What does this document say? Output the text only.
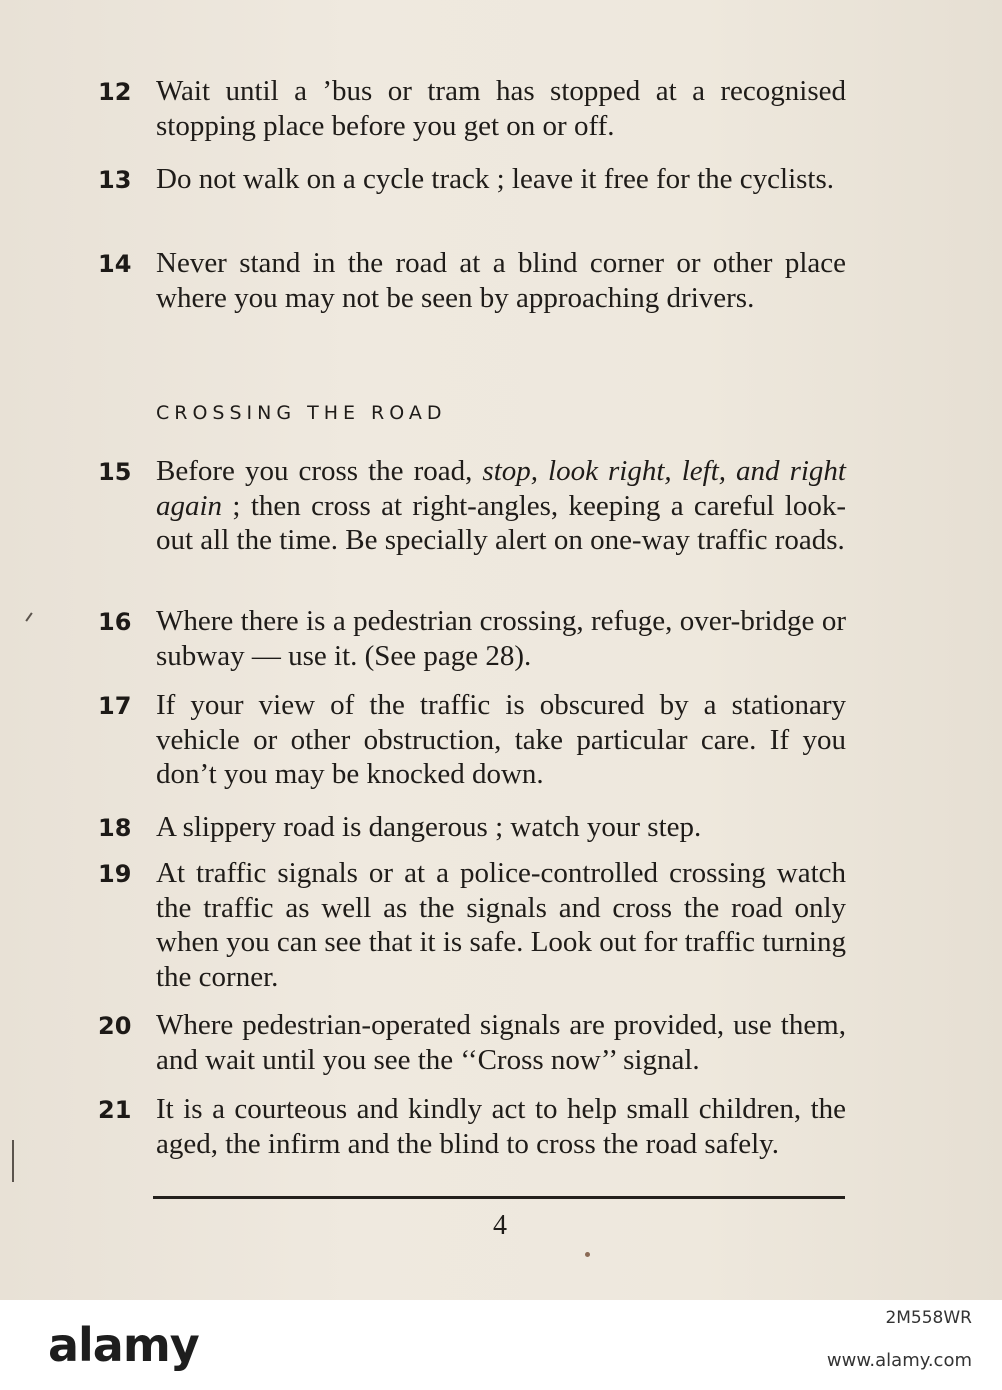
12 Wait until a ’bus or tram has stopped at a recognised stopping place before you get on or off.
13 Do not walk on a cycle track ; leave it free for the cyclists.
14 Never stand in the road at a blind corner or other place where you may not be seen by approaching drivers.
CROSSING THE ROAD
15 Before you cross the road, stop, look right, left, and right again ; then cross at right-angles, keeping a careful look-out all the time. Be specially alert on one-way traffic roads.
16 Where there is a pedestrian crossing, refuge, over-bridge or subway — use it. (See page 28).
17 If your view of the traffic is obscured by a stationary vehicle or other obstruction, take particular care. If you don’t you may be knocked down.
18 A slippery road is dangerous ; watch your step.
19 At traffic signals or at a police-controlled crossing watch the traffic as well as the signals and cross the road only when you can see that it is safe. Look out for traffic turning the corner.
20 Where pedestrian-operated signals are provided, use them, and wait until you see the ‘‘Cross now’’ signal.
21 It is a courteous and kindly act to help small children, the aged, the infirm and the blind to cross the road safely.
4
alamy	2M558WR
www.alamy.com
